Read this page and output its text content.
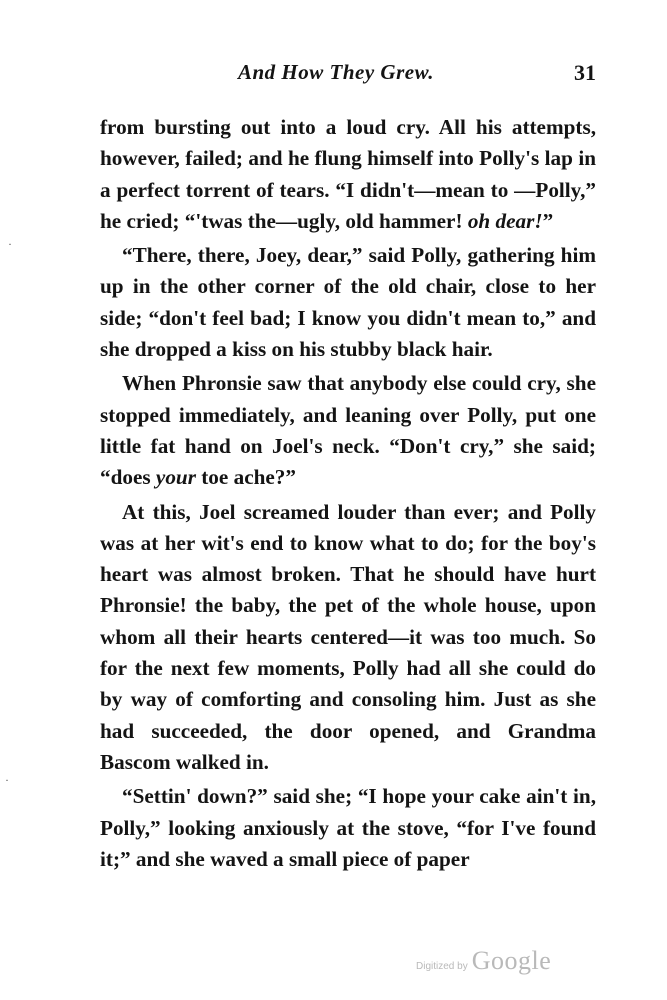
And How They Grew.	31

from bursting out into a loud cry. All his attempts, however, failed; and he flung himself into Polly's lap in a perfect torrent of tears. “I didn't—mean to —Polly,” he cried; “'twas the—ugly, old hammer! oh dear!”

“There, there, Joey, dear,” said Polly, gathering him up in the other corner of the old chair, close to her side; “don't feel bad; I know you didn't mean to,” and she dropped a kiss on his stubby black hair.

When Phronsie saw that anybody else could cry, she stopped immediately, and leaning over Polly, put one little fat hand on Joel's neck. “Don't cry,” she said; “does your toe ache?”

At this, Joel screamed louder than ever; and Polly was at her wit's end to know what to do; for the boy's heart was almost broken. That he should have hurt Phronsie! the baby, the pet of the whole house, upon whom all their hearts centered—it was too much. So for the next few moments, Polly had all she could do by way of comforting and consoling him. Just as she had succeeded, the door opened, and Grandma Bascom walked in.

“Settin' down?” said she; “I hope your cake ain't in, Polly,” looking anxiously at the stove, “for I've found it;” and she waved a small piece of paper

·
·
Digitized by Google
